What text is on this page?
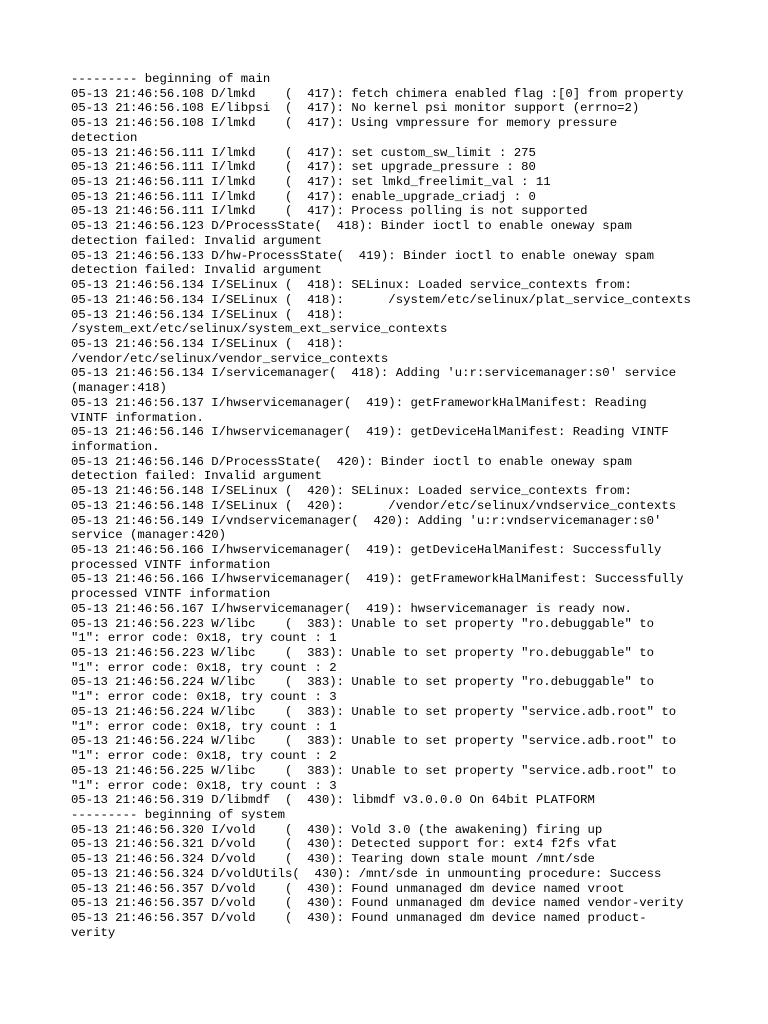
--------- beginning of main
05-13 21:46:56.108 D/lmkd    (  417): fetch chimera enabled flag :[0] from property
05-13 21:46:56.108 E/libpsi  (  417): No kernel psi monitor support (errno=2)
05-13 21:46:56.108 I/lmkd    (  417): Using vmpressure for memory pressure
detection
05-13 21:46:56.111 I/lmkd    (  417): set custom_sw_limit : 275
05-13 21:46:56.111 I/lmkd    (  417): set upgrade_pressure : 80
05-13 21:46:56.111 I/lmkd    (  417): set lmkd_freelimit_val : 11
05-13 21:46:56.111 I/lmkd    (  417): enable_upgrade_criadj : 0
05-13 21:46:56.111 I/lmkd    (  417): Process polling is not supported
05-13 21:46:56.123 D/ProcessState(  418): Binder ioctl to enable oneway spam
detection failed: Invalid argument
05-13 21:46:56.133 D/hw-ProcessState(  419): Binder ioctl to enable oneway spam
detection failed: Invalid argument
05-13 21:46:56.134 I/SELinux (  418): SELinux: Loaded service_contexts from:
05-13 21:46:56.134 I/SELinux (  418):      /system/etc/selinux/plat_service_contexts
05-13 21:46:56.134 I/SELinux (  418):
/system_ext/etc/selinux/system_ext_service_contexts
05-13 21:46:56.134 I/SELinux (  418):
/vendor/etc/selinux/vendor_service_contexts
05-13 21:46:56.134 I/servicemanager(  418): Adding 'u:r:servicemanager:s0' service
(manager:418)
05-13 21:46:56.137 I/hwservicemanager(  419): getFrameworkHalManifest: Reading
VINTF information.
05-13 21:46:56.146 I/hwservicemanager(  419): getDeviceHalManifest: Reading VINTF
information.
05-13 21:46:56.146 D/ProcessState(  420): Binder ioctl to enable oneway spam
detection failed: Invalid argument
05-13 21:46:56.148 I/SELinux (  420): SELinux: Loaded service_contexts from:
05-13 21:46:56.148 I/SELinux (  420):      /vendor/etc/selinux/vndservice_contexts
05-13 21:46:56.149 I/vndservicemanager(  420): Adding 'u:r:vndservicemanager:s0'
service (manager:420)
05-13 21:46:56.166 I/hwservicemanager(  419): getDeviceHalManifest: Successfully
processed VINTF information
05-13 21:46:56.166 I/hwservicemanager(  419): getFrameworkHalManifest: Successfully
processed VINTF information
05-13 21:46:56.167 I/hwservicemanager(  419): hwservicemanager is ready now.
05-13 21:46:56.223 W/libc    (  383): Unable to set property "ro.debuggable" to
"1": error code: 0x18, try count : 1
05-13 21:46:56.223 W/libc    (  383): Unable to set property "ro.debuggable" to
"1": error code: 0x18, try count : 2
05-13 21:46:56.224 W/libc    (  383): Unable to set property "ro.debuggable" to
"1": error code: 0x18, try count : 3
05-13 21:46:56.224 W/libc    (  383): Unable to set property "service.adb.root" to
"1": error code: 0x18, try count : 1
05-13 21:46:56.224 W/libc    (  383): Unable to set property "service.adb.root" to
"1": error code: 0x18, try count : 2
05-13 21:46:56.225 W/libc    (  383): Unable to set property "service.adb.root" to
"1": error code: 0x18, try count : 3
05-13 21:46:56.319 D/libmdf  (  430): libmdf v3.0.0.0 On 64bit PLATFORM
--------- beginning of system
05-13 21:46:56.320 I/vold    (  430): Vold 3.0 (the awakening) firing up
05-13 21:46:56.321 D/vold    (  430): Detected support for: ext4 f2fs vfat
05-13 21:46:56.324 D/vold    (  430): Tearing down stale mount /mnt/sde
05-13 21:46:56.324 D/voldUtils(  430): /mnt/sde in unmounting procedure: Success
05-13 21:46:56.357 D/vold    (  430): Found unmanaged dm device named vroot
05-13 21:46:56.357 D/vold    (  430): Found unmanaged dm device named vendor-verity
05-13 21:46:56.357 D/vold    (  430): Found unmanaged dm device named product-
verity
